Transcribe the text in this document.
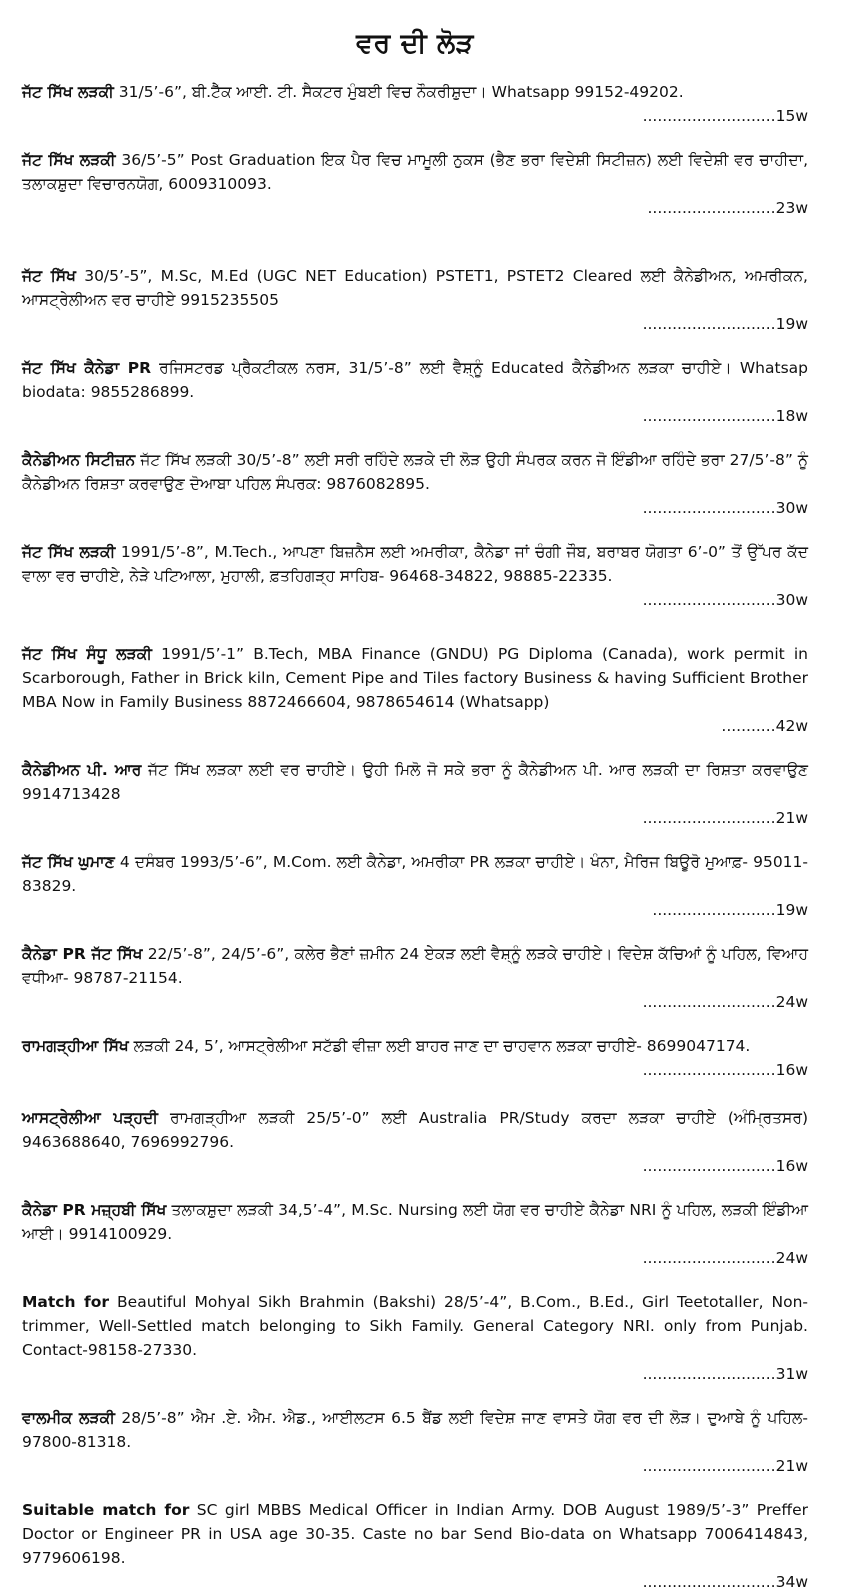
ਵਰ ਦੀ ਲੋੜ

ਜੱਟ ਸਿੱਖ ਲੜਕੀ 31/5’-6”, ਬੀ.ਟੈੱਕ ਆਈ. ਟੀ. ਸੈਕਟਰ ਮੁੰਬਈ ਵਿਚ ਨੌਕਰੀਸ਼ੁਦਾ। Whatsapp 99152-49202.

...........................15w

ਜੱਟ ਸਿੱਖ ਲੜਕੀ 36/5’-5” Post Graduation ਇਕ ਪੈਰ ਵਿਚ ਮਾਮੂਲੀ ਨੁਕਸ (ਭੈਣ ਭਰਾ ਵਿਦੇਸ਼ੀ ਸਿਟੀਜ਼ਨ) ਲਈ ਵਿਦੇਸ਼ੀ ਵਰ ਚਾਹੀਦਾ, ਤਲਾਕਸ਼ੁਦਾ ਵਿਚਾਰਨਯੋਗ, 6009310093.

..........................23w

ਜੱਟ ਸਿੱਖ 30/5’-5”, M.Sc, M.Ed (UGC NET Education) PSTET1, PSTET2 Cleared ਲਈ ਕੈਨੇਡੀਅਨ, ਅਮਰੀਕਨ, ਆਸਟ੍ਰੇਲੀਅਨ ਵਰ ਚਾਹੀਏ 9915235505

...........................19w

ਜੱਟ ਸਿੱਖ ਕੈਨੇਡਾ PR ਰਜਿਸਟਰਡ ਪ੍ਰੈਕਟੀਕਲ ਨਰਸ, 31/5’-8” ਲਈ ਵੈਸ਼੍ਨੂੰ Educated ਕੈਨੇਡੀਅਨ ਲੜਕਾ ਚਾਹੀਏ। Whatsap biodata: 9855286899.

...........................18w

ਕੈਨੇਡੀਅਨ ਸਿਟੀਜ਼ਨ ਜੱਟ ਸਿੱਖ ਲੜਕੀ 30/5’-8” ਲਈ ਸਰੀ ਰਹਿੰਦੇ ਲੜਕੇ ਦੀ ਲੋੜ ਉਹੀ ਸੰਪਰਕ ਕਰਨ ਜੋ ਇੰਡੀਆ ਰਹਿੰਦੇ ਭਰਾ 27/5’-8” ਨੂੰ ਕੈਨੇਡੀਅਨ ਰਿਸ਼ਤਾ ਕਰਵਾਉਣ ਦੋਆਬਾ ਪਹਿਲ ਸੰਪਰਕ: 9876082895.

...........................30w

ਜੱਟ ਸਿੱਖ ਲੜਕੀ 1991/5’-8”, M.Tech., ਆਪਣਾ ਬਿਜ਼ਨੈਸ ਲਈ ਅਮਰੀਕਾ, ਕੈਨੇਡਾ ਜਾਂ ਚੰਗੀ ਜੌਬ, ਬਰਾਬਰ ਯੋਗਤਾ 6’-0” ਤੋਂ ਉੱਪਰ ਕੱਦ ਵਾਲਾ ਵਰ ਚਾਹੀਏ, ਨੇੜੇ ਪਟਿਆਲਾ, ਮੁਹਾਲੀ, ਫ਼ਤਹਿਗੜ੍ਹ ਸਾਹਿਬ- 96468-34822, 98885-22335.

...........................30w

ਜੱਟ ਸਿੱਖ ਸੰਧੂ ਲੜਕੀ 1991/5’-1” B.Tech, MBA Finance (GNDU) PG Diploma (Canada), work permit in Scarborough, Father in Brick kiln, Cement Pipe and Tiles factory Business & having Sufficient Brother MBA Now in Family Business 8872466604, 9878654614 (Whatsapp)

...........42w

ਕੈਨੇਡੀਅਨ ਪੀ. ਆਰ ਜੱਟ ਸਿੱਖ ਲੜਕਾ ਲਈ ਵਰ ਚਾਹੀਏ। ਉਹੀ ਮਿਲੋ ਜੋ ਸਕੇ ਭਰਾ ਨੂੰ ਕੈਨੇਡੀਅਨ ਪੀ. ਆਰ ਲੜਕੀ ਦਾ ਰਿਸ਼ਤਾ ਕਰਵਾਉਣ 9914713428

...........................21w

ਜੱਟ ਸਿੱਖ ਘੁਮਾਣ 4 ਦਸੰਬਰ 1993/5’-6”, M.Com. ਲਈ ਕੈਨੇਡਾ, ਅਮਰੀਕਾ PR ਲੜਕਾ ਚਾਹੀਏ। ਖੰਨਾ, ਮੈਰਿਜ ਬਿਊਰੋ ਮੁਆਫ਼- 95011-83829.

.........................19w

ਕੈਨੇਡਾ PR ਜੱਟ ਸਿੱਖ 22/5’-8”, 24/5’-6”, ਕਲੇਰ ਭੈਣਾਂ ਜ਼ਮੀਨ 24 ਏਕੜ ਲਈ ਵੈਸ਼੍ਨੂੰ ਲੜਕੇ ਚਾਹੀਏ। ਵਿਦੇਸ਼ ਕੱਚਿਆਂ ਨੂੰ ਪਹਿਲ, ਵਿਆਹ ਵਧੀਆ- 98787-21154.

...........................24w

ਰਾਮਗੜ੍ਹੀਆ ਸਿੱਖ ਲੜਕੀ 24, 5’, ਆਸਟ੍ਰੇਲੀਆ ਸਟੱਡੀ ਵੀਜ਼ਾ ਲਈ ਬਾਹਰ ਜਾਣ ਦਾ ਚਾਹਵਾਨ ਲੜਕਾ ਚਾਹੀਏ- 8699047174.

...........................16w

ਆਸਟ੍ਰੇਲੀਆ ਪੜ੍ਹਦੀ ਰਾਮਗੜ੍ਹੀਆ ਲੜਕੀ 25/5’-0” ਲਈ Australia PR/Study ਕਰਦਾ ਲੜਕਾ ਚਾਹੀਏ (ਅੰਮ੍ਰਿਤਸਰ) 9463688640, 7696992796.

...........................16w

ਕੈਨੇਡਾ PR ਮਜ਼੍ਹਬੀ ਸਿੱਖ ਤਲਾਕਸ਼ੁਦਾ ਲੜਕੀ 34,5’-4”, M.Sc. Nursing ਲਈ ਯੋਗ ਵਰ ਚਾਹੀਏ ਕੈਨੇਡਾ NRI ਨੂੰ ਪਹਿਲ, ਲੜਕੀ ਇੰਡੀਆ ਆਈ। 9914100929.

...........................24w

Match for Beautiful Mohyal Sikh Brahmin (Bakshi) 28/5’-4”, B.Com., B.Ed., Girl Teetotaller, Non-trimmer, Well-Settled match belonging to Sikh Family. General Category NRI. only from Punjab. Contact-98158-27330.

...........................31w

ਵਾਲਮੀਕ ਲੜਕੀ 28/5’-8” ਐਮ .ਏ. ਐਮ. ਐਡ., ਆਈਲਟਸ 6.5 ਬੈਂਡ ਲਈ ਵਿਦੇਸ਼ ਜਾਣ ਵਾਸਤੇ ਯੋਗ ਵਰ ਦੀ ਲੋੜ। ਦੁਆਬੇ ਨੂੰ ਪਹਿਲ- 97800-81318.

...........................21w

Suitable match for SC girl MBBS Medical Officer in Indian Army. DOB August 1989/5’-3” Preffer Doctor or Engineer PR in USA age 30-35. Caste no bar Send Bio-data on Whatsapp 7006414843, 9779606198.

...........................34w
